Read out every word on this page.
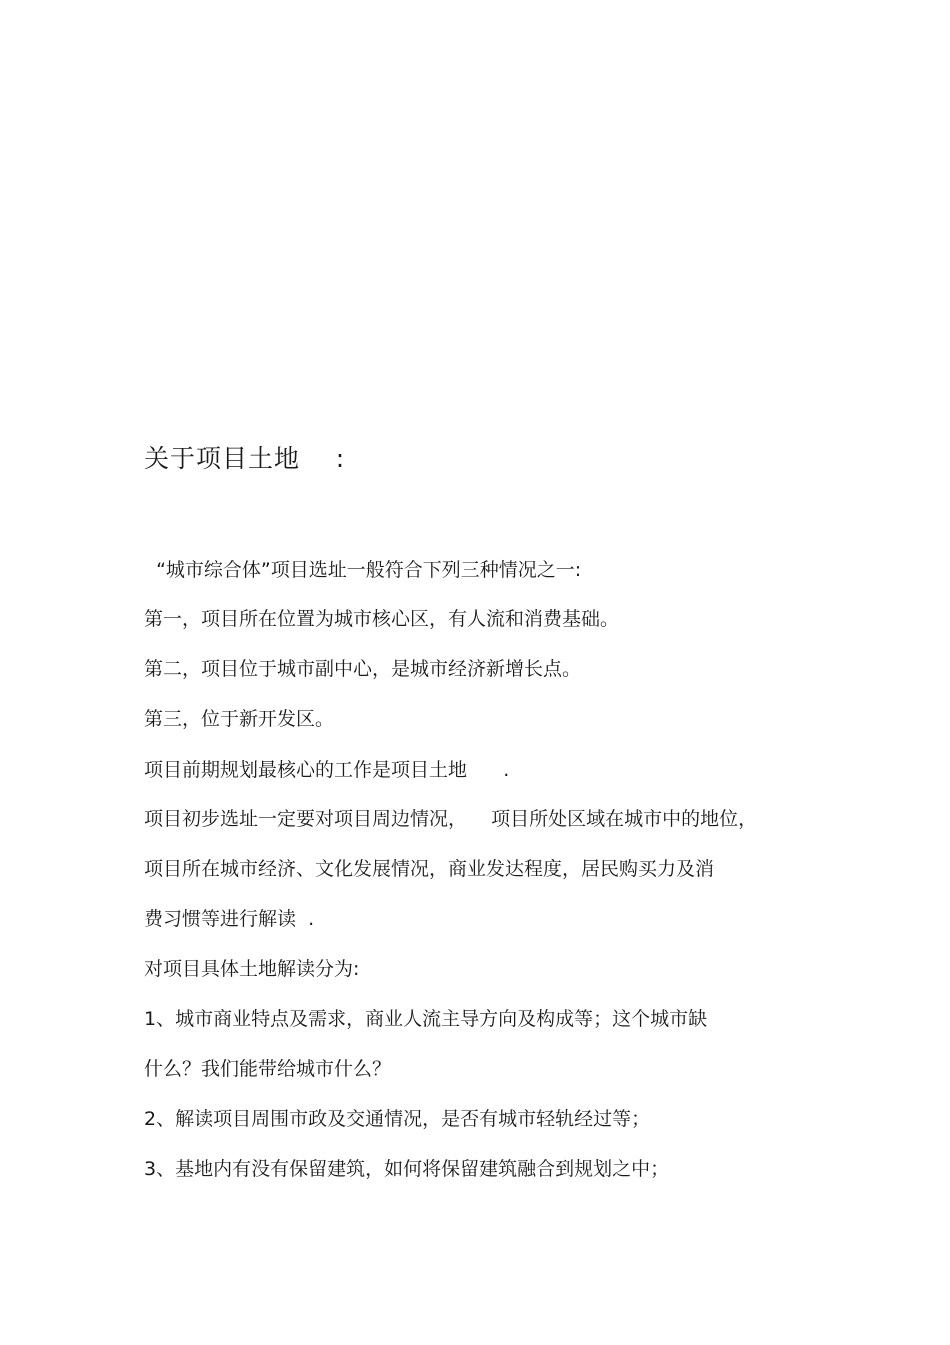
关于项目土地    :
“城市综合体”项目选址一般符合下列三种情况之一:
第一，项目所在位置为城市核心区，有人流和消费基础。
第二，项目位于城市副中心，是城市经济新增长点。
第三，位于新开发区。
项目前期规划最核心的工作是项目土地      .
项目初步选址一定要对项目周边情况，    项目所处区域在城市中的地位，
项目所在城市经济、文化发展情况，商业发达程度，居民购买力及消
费习惯等进行解读  .
对项目具体土地解读分为:
1、城市商业特点及需求，商业人流主导方向及构成等；这个城市缺
什么？我们能带给城市什么？
2、解读项目周围市政及交通情况，是否有城市轻轨经过等；
3、基地内有没有保留建筑，如何将保留建筑融合到规划之中；
